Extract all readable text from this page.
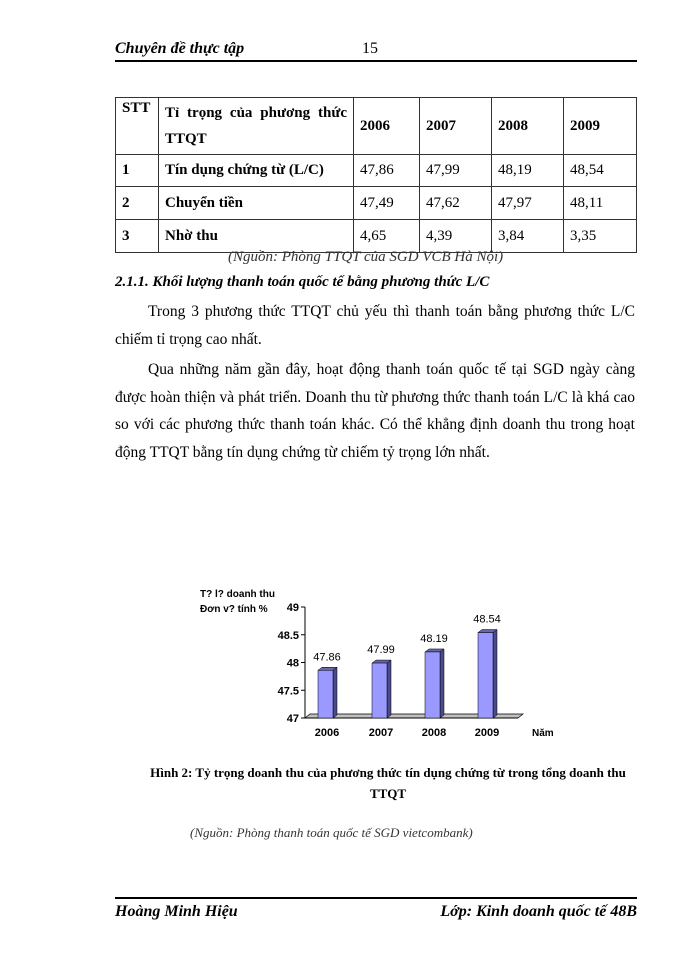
Chuyên đề thực tập	15
STT	Tỉ trọng của phương thức TTQT	2006	2007	2008	2009
1	Tín dụng chứng từ (L/C)	47,86	47,99	48,19	48,54
2	Chuyển tiền	47,49	47,62	47,97	48,11
3	Nhờ thu	4,65	4,39	3,84	3,35
(Nguồn: Phòng TTQT của SGD VCB Hà Nội)
2.1.1. Khối lượng thanh toán quốc tế bằng phương thức L/C
Trong 3 phương thức TTQT chủ yếu thì thanh toán bằng phương thức L/C chiếm tỉ trọng cao nhất.
Qua những năm gần đây, hoạt động thanh toán quốc tế tại SGD ngày càng được hoàn thiện và phát triển. Doanh thu từ phương thức thanh toán L/C là khá cao so với các phương thức thanh toán khác. Có thể khẳng định doanh thu trong hoạt động TTQT bằng tín dụng chứng từ chiếm tỷ trọng lớn nhất.
T? l? doanh thu
Đơn v? tính %
47
47.5
48
48.5
49
47.86
2006
47.99
2007
48.19
2008
48.54
2009	Năm
Hình 2: Tỷ trọng doanh thu của phương thức tín dụng chứng từ trong tổng doanh thu TTQT
(Nguồn: Phòng thanh toán quốc tế SGD vietcombank)
Hoàng Minh Hiệu	Lớp: Kinh doanh quốc tế 48B
